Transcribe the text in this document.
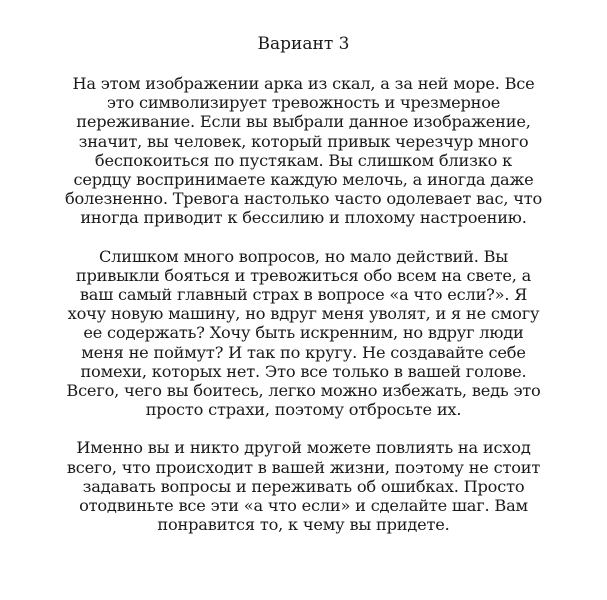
Вариант 3
На этом изображении арка из скал, а за ней море. Все
это символизирует тревожность и чрезмерное
переживание. Если вы выбрали данное изображение,
значит, вы человек, который привык черезчур много
беспокоиться по пустякам. Вы слишком близко к
сердцу воспринимаете каждую мелочь, а иногда даже
болезненно. Тревога настолько часто одолевает вас, что
иногда приводит к бессилию и плохому настроению.
Слишком много вопросов, но мало действий. Вы
привыкли бояться и тревожиться обо всем на свете, а
ваш самый главный страх в вопросе «а что если?». Я
хочу новую машину, но вдруг меня уволят, и я не смогу
ее содержать? Хочу быть искренним, но вдруг люди
меня не поймут? И так по кругу. Не создавайте себе
помехи, которых нет. Это все только в вашей голове.
Всего, чего вы боитесь, легко можно избежать, ведь это
просто страхи, поэтому отбросьте их.
Именно вы и никто другой можете повлиять на исход
всего, что происходит в вашей жизни, поэтому не стоит
задавать вопросы и переживать об ошибках. Просто
отодвиньте все эти «а что если» и сделайте шаг. Вам
понравится то, к чему вы придете.
